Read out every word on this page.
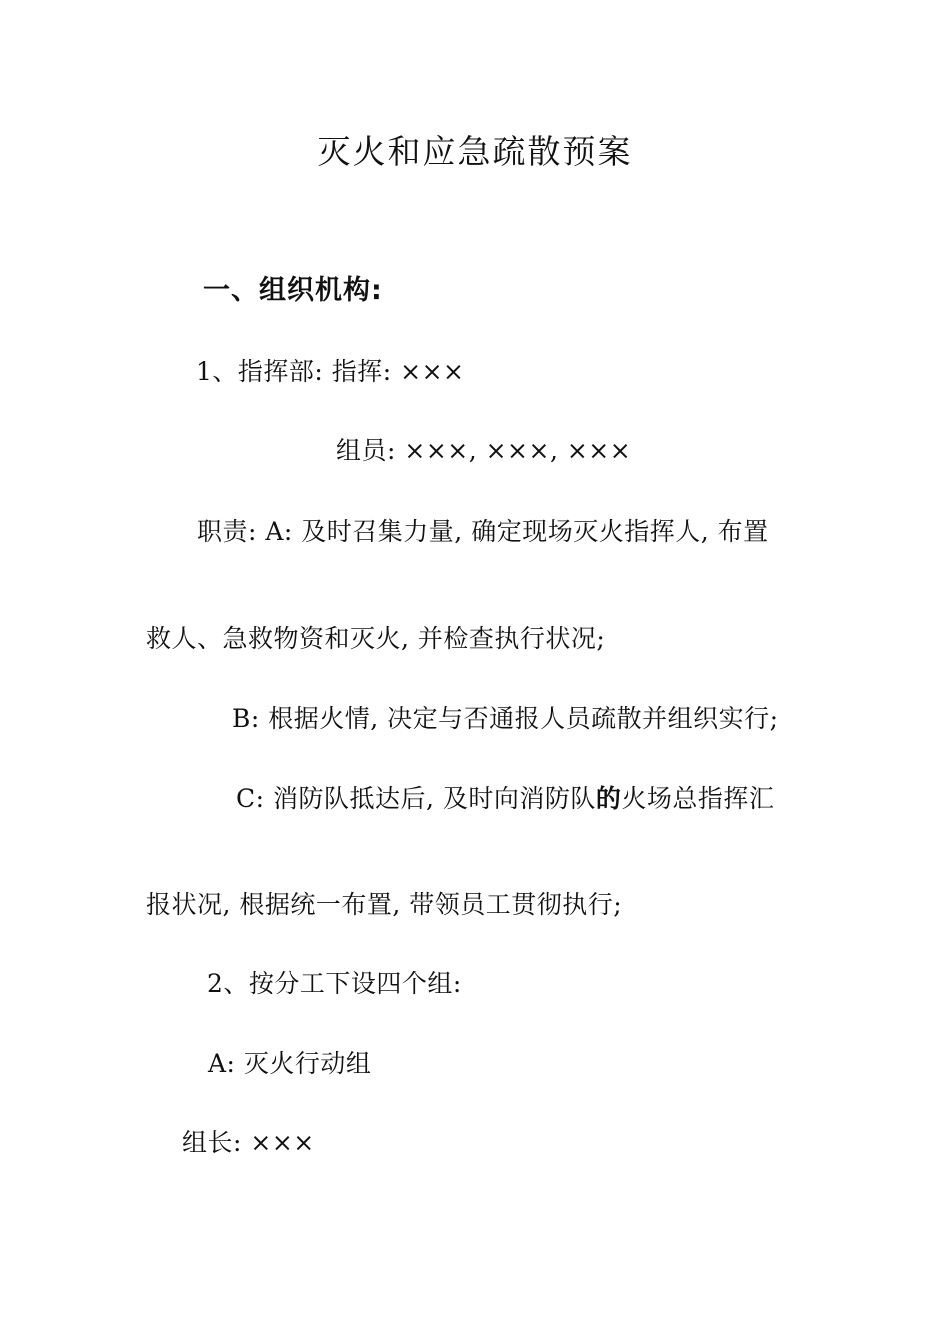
灭火和应急疏散预案
一、组织机构:
1、指挥部: 指挥: ×××
组员: ×××, ×××, ×××
职责: A: 及时召集力量, 确定现场灭火指挥人, 布置
救人、急救物资和灭火, 并检查执行状况;
B: 根据火情, 决定与否通报人员疏散并组织实行;
C: 消防队抵达后, 及时向消防队的火场总指挥汇
报状况, 根据统一布置, 带领员工贯彻执行;
2、按分工下设四个组:
A: 灭火行动组
组长: ×××
